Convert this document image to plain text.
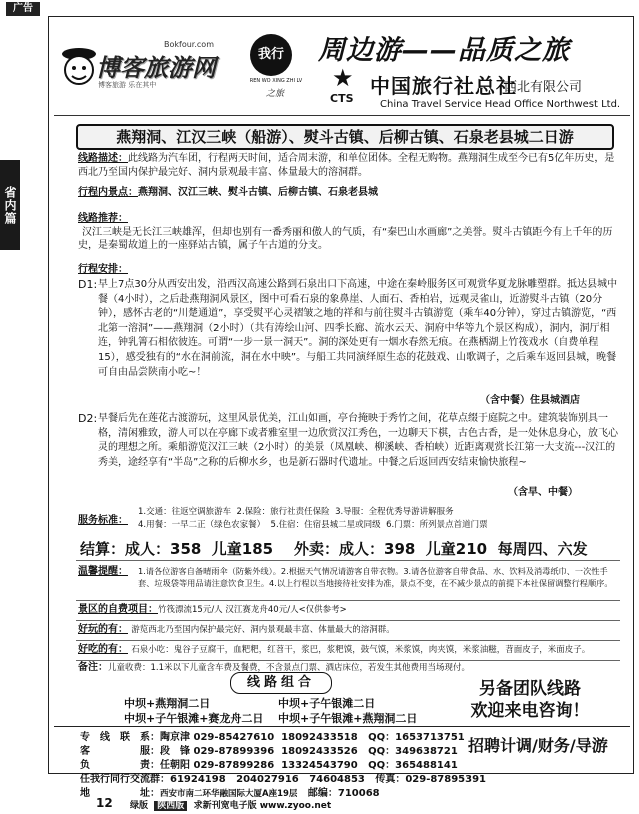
广告
省内篇
博客旅游网
Bokfour.com
博客旅游 乐在其中
我行
REN WO XING ZHI LV
之旅
周边游——品质之旅
★
CTS
中国旅行社总社
西北有限公司
China Travel Service Head Office Northwest Ltd.
燕翔洞、江汉三峡（船游）、熨斗古镇、后柳古镇、石泉老县城二日游
线路描述：此线路为汽车团，行程两天时间，适合周末游，和单位团体。全程无购物。燕翔洞生成至今已有5亿年历史，是西北乃至国内保护最完好、洞内景观最丰富、体量最大的溶洞群。
行程内景点：燕翔洞、汉江三峡、熨斗古镇、后柳古镇、石泉老县城
线路推荐：
汉江三峡是无长江三峡雄浑，但却也别有一番秀丽和傲人的气质，有“秦巴山水画廊”之美誉。熨斗古镇距今有上千年的历史，是秦蜀故道上的一座驿站古镇，属子午古道的分支。
行程安排：
D1: 早上7点30分从西安出发，沿西汉高速公路到石泉出口下高速，中途在秦岭服务区可观赏华夏龙脉雕塑群。抵达县城中餐（4小时），之后赴燕翔洞风景区，图中可看石泉的象鼻崖、人面石、香柏岩，远观灵雀山，近游熨斗古镇（20分钟），感怀古老的“川楚通道”，享受熨平心灵褶皱之地的祥和与前往熨斗古镇游览（乘车40分钟），穿过古镇游览，“西北第一溶洞”——燕翔洞（2小时）（共有涛绘山河、四季长廊、流水云天、洞府中华等九个景区构成），洞内，洞厅相连，钟乳箐石相依彼连。可谓“一步一景一洞天”。洞的深处更有一烟水春然无痕。在燕栖湖上竹筏戏水（自费单程15），感受独有的“水在洞前流，洞在水中映”。与船工共同演绎原生态的花鼓戏、山歌调子，之后乘车返回县城，晚餐可自由品尝陕南小吃~！
（含中餐）住县城酒店
D2: 早餐后先在莲花古渡游玩，这里风景优美，江山如画，亭台掩映于秀竹之间，花草点缀于庭院之中。建筑装饰别具一格，清闲雅致，游人可以在亭廊下或者雅室里一边欣赏汉江秀色，一边聊天下棋，古色古香，是一处休息身心，放飞心灵的理想之所。乘船游览汉江三峡（2小时）的美景（凤凰峡、柳溪峡、香柏峡）近距离观赏长江第一大支流---汉江的秀美，途经享有“半岛”之称的后柳水乡，也是新石器时代遗址。中餐之后返回西安结束愉快旅程~
（含早、中餐）
服务标准：
1.交通：往返空调旅游车 2.保险：旅行社责任保险 3.导服：全程优秀导游讲解服务
4.用餐：一早二正（绿色农家餐） 5.住宿：住宿县城二星或同级 6.门票：所列景点首道门票
结算：成人：358 儿童185 外卖：成人：398 儿童210 每周四、六发
温馨提醒： 1.请各位游客自备晴雨伞（防紫外线）。2.根据天气情况请游客自带衣物。3.请各位游客自带食品、水、饮料及消毒纸巾、一次性手套、垃圾袋等用品请注意饮食卫生。4.以上行程以当地接待社安排为准，景点不变，在不减少景点的前提下本社保留调整行程顺序。
景区的自费项目：竹筏漂流15元/人 汉江赛龙舟40元/人<仅供参考>
好玩的有： 游览西北乃至国内保护最完好、洞内景观最丰富、体量最大的溶洞群。
好吃的有： 石泉小吃：鬼谷子豆腐干，血粑粑，红苕干，浆巴，浆粑馍，鼓气馍，米浆馍，肉夹馍，米浆油糍，苕面皮子，米面皮子。
备注：儿童收费：1.1米以下儿童含车费及餐费，不含景点门票、酒店床位，若发生其他费用当场现付。
线路组合
中坝+燕翔洞二日	中坝+子午银滩二日
中坝+子午银滩+赛龙舟二日 中坝+子午银滩+燕翔洞二日
另备团队线路
欢迎来电咨询！
专　线　联　系：陶京津 029-85427610 18092433518 QQ：1653713751
客　　　　　服：段　锋 029-87899396 18092433526 QQ：349638721
负　　　　　责：任朝阳 029-87899286 13324543790 QQ：365488141
任我行同行交流群：61924198 204027916 74604853 传真：029-87895391
地　　　　　址：西安市南二环华融国际大厦A座19层 邮编：710068
招聘计调/财务/导游
12 绿版 陕西版 求新刊宽电子版 www.zyoo.net
